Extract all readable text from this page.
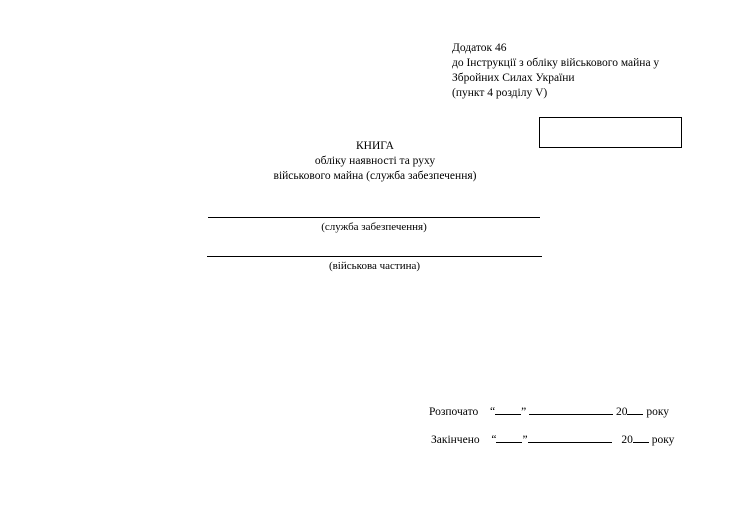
Додаток 46
до Інструкції з обліку військового майна у
Збройних Силах України
(пункт 4 розділу V)
КНИГА
обліку наявності та руху
військового майна (служба забезпечення)
(служба забезпечення)
(військова частина)
Розпочато “ ”	20 року
Закінчено “ ”	20 року
